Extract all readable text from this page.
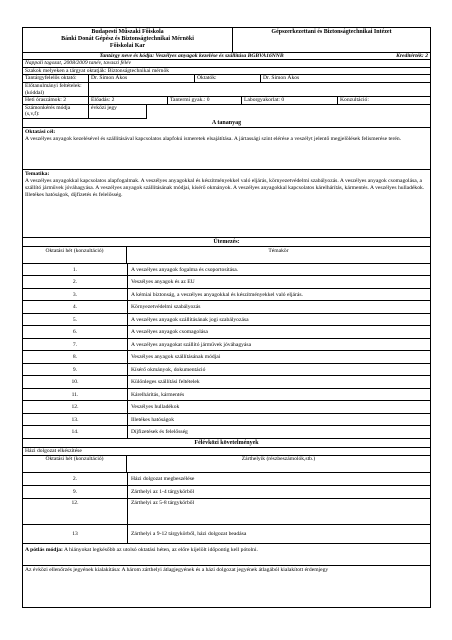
Budapesti Műszaki Főiskola
Bánki Donát Gépész és Biztonságtechnikai Mérnöki
Főiskolai Kar
Gépszerkezettani és Biztonságtechnikai Intézet
Tantárgy neve és kódja: Veszélyes anyagok kezelése és szállítása BGBVA16NNB	Kreditérték: 2
Nappali tagozat, 2008/2009 tanév, tavaszi félév
Szakok melyeken a tárgyat oktatják: Biztonságtechnikai mérnök
Tantárgyfelelős oktató:	Dr. Simon Ákos	Oktatók:	Dr. Simon Ákos
Előtanulmányi feltételek: (kóddal)
Heti óraszámok: 2	Előadás: 2	Tantermi gyak.: 0	Laborgyakorlat: 0	Konzultáció:
Számonkérés módja (s,v,f):
évközi jegy
A tananyag
Oktatási cél:
A veszélyes anyagok kezelésével és szállításával kapcsolatos alapfokú ismeretek elsajátítása. A jártassági szint elérése a veszélyt jelentő megjelölések felismerése terén.
Tematika:
A veszélyes anyagokkal kapcsolatos alapfogalmak. A veszélyes anyagokkal és készítményekkel való eljárás, környezetvédelmi szabályozás. A veszélyes anyagok csomagolása, a szállító járművek jóváhagyása. A veszélyes anyagok szállításának módjai, kísérő okmányok. A veszélyes anyagokkal kapcsolatos kárelhárítás, kármentés. A veszélyes hulladékok. Illetékes hatóságok, díjfizetés és felelősség.
Ütemezés:
Oktatási hét (konzultáció)	Témakör
1.	A veszélyes anyagok fogalma és csoportosítása.
2.	Veszélyes anyagok és az EU
3.	A kémiai biztonság, a veszélyes anyagokkal és készítményekkel való eljárás.
4.	Környezetvédelmi szabályozás
5.	A veszélyes anyagok szállításának jogi szabályozása
6.	A veszélyes anyagok csomagolása
7.	A veszélyes anyagokat szállító járművek jóváhagyása
8.	Veszélyes anyagok szállításának módjai
9.	Kísérő okmányok, dokumentáció
10.	Különleges szállítási feltételek
11.	Kárelhárítás, kármentés
12.	Veszélyes hulladékok
13.	Illetékes hatóságok
14.	Díjfizetések és felelősség
Félévközi követelmények
Házi dolgozat elkészítése
Oktatási hét (konzultáció)	Zárthelyik (részbeszámolók,stb.)
2.	Házi dolgozat megbeszélése
9.	Zárthelyi az 1-4 tárgykörből
12.	Zárthelyi az 5-8 tárgykörből
13	Zárthelyi a 9-12 tárgykörből, házi dolgozat beadása
A pótlás módja: A hiányokat legkésőbb az utolsó oktatási héten, az előre kijelölt időpontig kell pótolni.
Az évközi ellenőrzés jegyének kialakítása: A három zárthelyi átlagjegyének és a házi dolgozat jegyének átlagából kialakított érdemjegy
